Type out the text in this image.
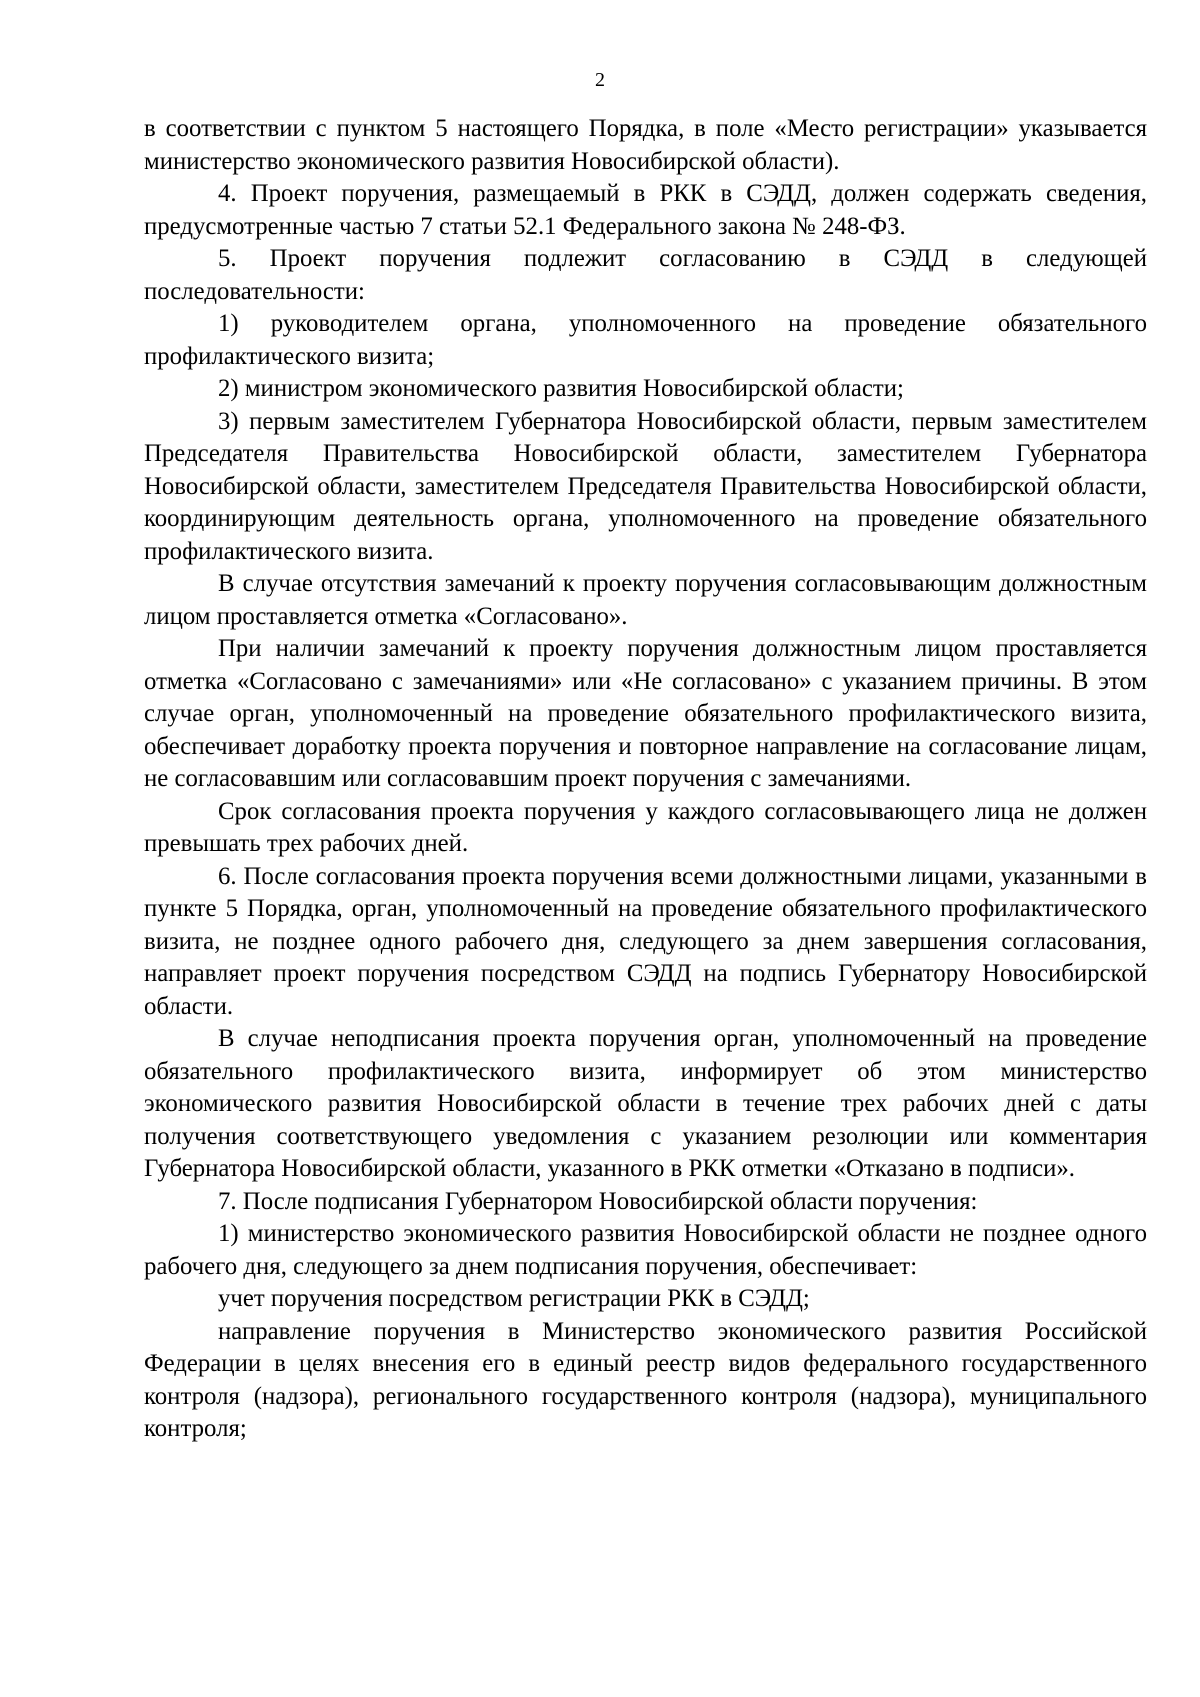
2

в соответствии с пунктом 5 настоящего Порядка, в поле «Место регистрации» указывается министерство экономического развития Новосибирской области).

4. Проект поручения, размещаемый в РКК в СЭДД, должен содержать сведения, предусмотренные частью 7 статьи 52.1 Федерального закона № 248-ФЗ.

5. Проект поручения подлежит согласованию в СЭДД в следующей последовательности:

1) руководителем органа, уполномоченного на проведение обязательного профилактического визита;

2) министром экономического развития Новосибирской области;

3) первым заместителем Губернатора Новосибирской области, первым заместителем Председателя Правительства Новосибирской области, заместителем Губернатора Новосибирской области, заместителем Председателя Правительства Новосибирской области, координирующим деятельность органа, уполномоченного на проведение обязательного профилактического визита.

В случае отсутствия замечаний к проекту поручения согласовывающим должностным лицом проставляется отметка «Согласовано».

При наличии замечаний к проекту поручения должностным лицом проставляется отметка «Согласовано с замечаниями» или «Не согласовано» с указанием причины. В этом случае орган, уполномоченный на проведение обязательного профилактического визита, обеспечивает доработку проекта поручения и повторное направление на согласование лицам, не согласовавшим или согласовавшим проект поручения с замечаниями.

Срок согласования проекта поручения у каждого согласовывающего лица не должен превышать трех рабочих дней.

6. После согласования проекта поручения всеми должностными лицами, указанными в пункте 5 Порядка, орган, уполномоченный на проведение обязательного профилактического визита, не позднее одного рабочего дня, следующего за днем завершения согласования, направляет проект поручения посредством СЭДД на подпись Губернатору Новосибирской области.

В случае неподписания проекта поручения орган, уполномоченный на проведение обязательного профилактического визита, информирует об этом министерство экономического развития Новосибирской области в течение трех рабочих дней с даты получения соответствующего уведомления с указанием резолюции или комментария Губернатора Новосибирской области, указанного в РКК отметки «Отказано в подписи».

7. После подписания Губернатором Новосибирской области поручения:

1) министерство экономического развития Новосибирской области не позднее одного рабочего дня, следующего за днем подписания поручения, обеспечивает:

учет поручения посредством регистрации РКК в СЭДД;

направление поручения в Министерство экономического развития Российской Федерации в целях внесения его в единый реестр видов федерального государственного контроля (надзора), регионального государственного контроля (надзора), муниципального контроля;
